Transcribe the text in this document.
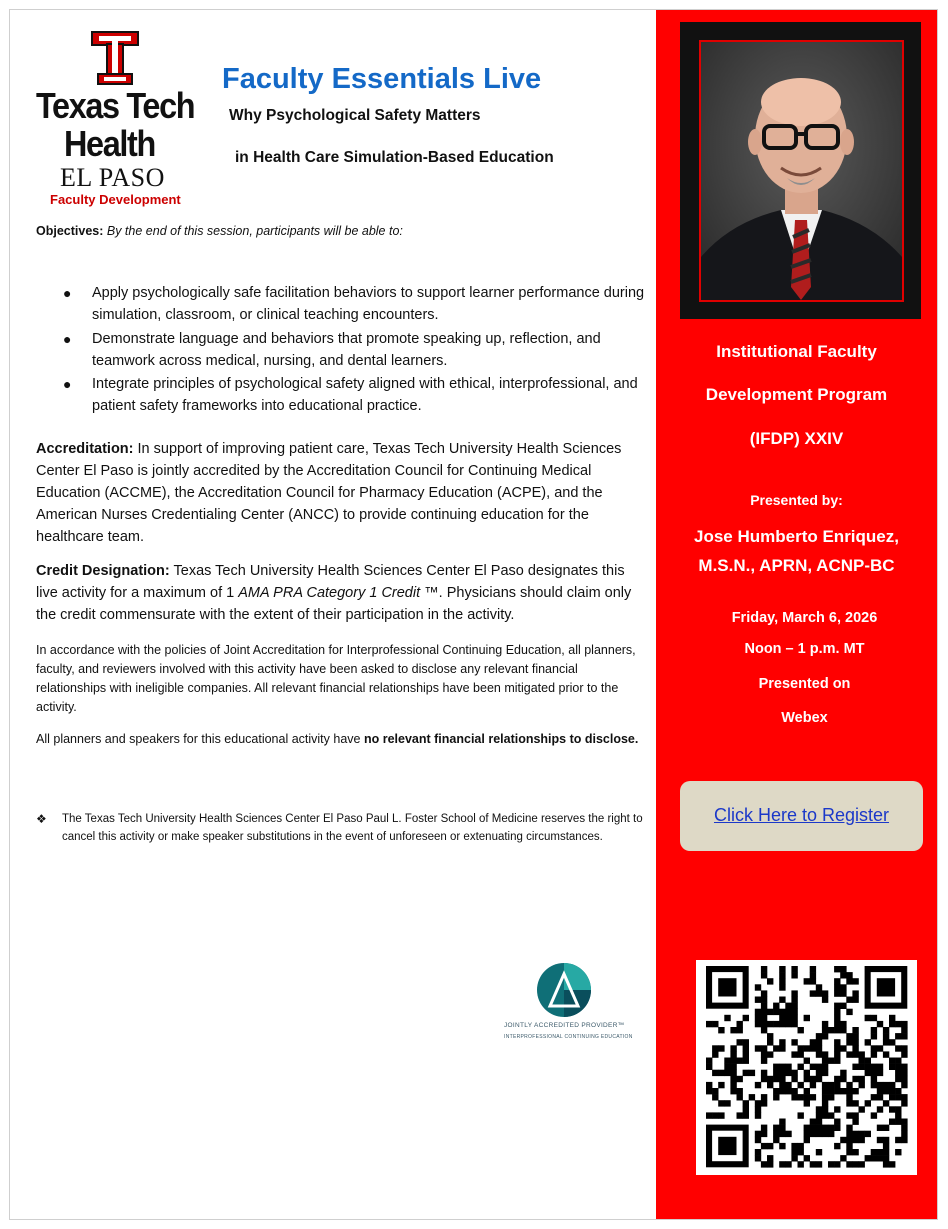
Texas Tech
Health
EL PASO
Faculty Development
Faculty Essentials Live
Why Psychological Safety Matters
in Health Care Simulation-Based Education
Objectives: By the end of this session, participants will be able to:
● Apply psychologically safe facilitation behaviors to support learner performance during simulation, classroom, or clinical teaching encounters.
● Demonstrate language and behaviors that promote speaking up, reflection, and teamwork across medical, nursing, and dental learners.
● Integrate principles of psychological safety aligned with ethical, interprofessional, and patient safety frameworks into educational practice.
Accreditation: In support of improving patient care, Texas Tech University Health Sciences Center El Paso is jointly accredited by the Accreditation Council for Continuing Medical Education (ACCME), the Accreditation Council for Pharmacy Education (ACPE), and the American Nurses Credentialing Center (ANCC) to provide continuing education for the healthcare team.
Credit Designation: Texas Tech University Health Sciences Center El Paso designates this live activity for a maximum of 1 AMA PRA Category 1 Credit ™. Physicians should claim only the credit commensurate with the extent of their participation in the activity.
In accordance with the policies of Joint Accreditation for Interprofessional Continuing Education, all planners, faculty, and reviewers involved with this activity have been asked to disclose any relevant financial relationships with ineligible companies. All relevant financial relationships have been mitigated prior to the activity.
All planners and speakers for this educational activity have no relevant financial relationships to disclose.
❖ The Texas Tech University Health Sciences Center El Paso Paul L. Foster School of Medicine reserves the right to cancel this activity or make speaker substitutions in the event of unforeseen or extenuating circumstances.
JOINTLY ACCREDITED PROVIDER™
INTERPROFESSIONAL CONTINUING EDUCATION
Institutional Faculty
Development Program
(IFDP) XXIV
Presented by:
Jose Humberto Enriquez,
M.S.N., APRN, ACNP-BC
Friday, March 6, 2026
Noon – 1 p.m. MT
Presented on
Webex
Click Here to Register
